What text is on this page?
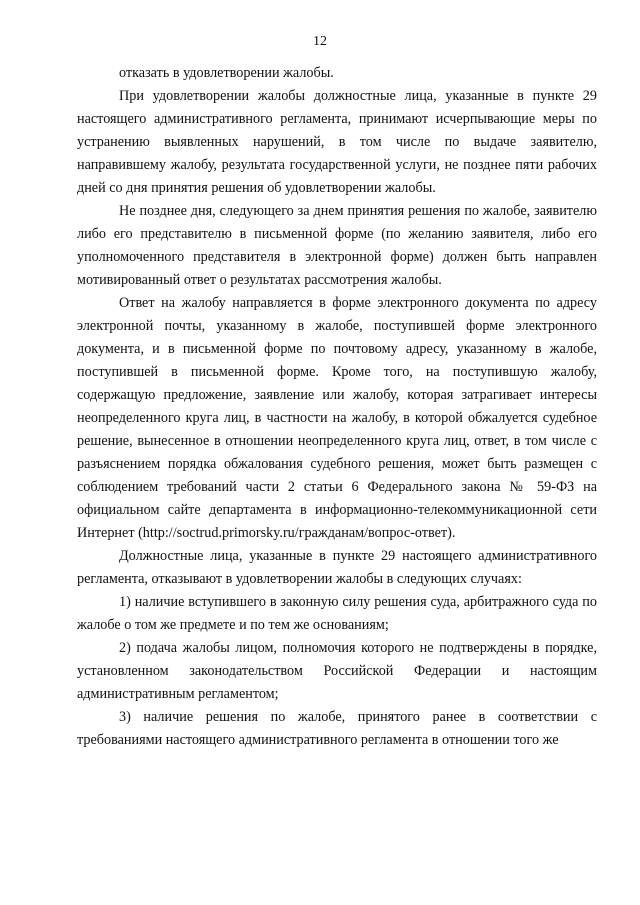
12

отказать в удовлетворении жалобы.

При удовлетворении жалобы должностные лица, указанные в пункте 29 настоящего административного регламента, принимают исчерпывающие меры по устранению выявленных нарушений, в том числе по выдаче заявителю, направившему жалобу, результата государственной услуги, не позднее пяти рабочих дней со дня принятия решения об удовлетворении жалобы.

Не позднее дня, следующего за днем принятия решения по жалобе, заявителю либо его представителю в письменной форме (по желанию заявителя, либо его уполномоченного представителя в электронной форме) должен быть направлен мотивированный ответ о результатах рассмотрения жалобы.

Ответ на жалобу направляется в форме электронного документа по адресу электронной почты, указанному в жалобе, поступившей форме электронного документа, и в письменной форме по почтовому адресу, указанному в жалобе, поступившей в письменной форме. Кроме того, на поступившую жалобу, содержащую предложение, заявление или жалобу, которая затрагивает интересы неопределенного круга лиц, в частности на жалобу, в которой обжалуется судебное решение, вынесенное в отношении неопределенного круга лиц, ответ, в том числе с разъяснением порядка обжалования судебного решения, может быть размещен с соблюдением требований части 2 статьи 6 Федерального закона № 59-ФЗ на официальном сайте департамента в информационно-телекоммуникационной сети Интернет (http://soctrud.primorsky.ru/гражданам/вопрос-ответ).

Должностные лица, указанные в пункте 29 настоящего административного регламента, отказывают в удовлетворении жалобы в следующих случаях:

1) наличие вступившего в законную силу решения суда, арбитражного суда по жалобе о том же предмете и по тем же основаниям;

2) подача жалобы лицом, полномочия которого не подтверждены в порядке, установленном законодательством Российской Федерации и настоящим административным регламентом;

3) наличие решения по жалобе, принятого ранее в соответствии с требованиями настоящего административного регламента в отношении того же
